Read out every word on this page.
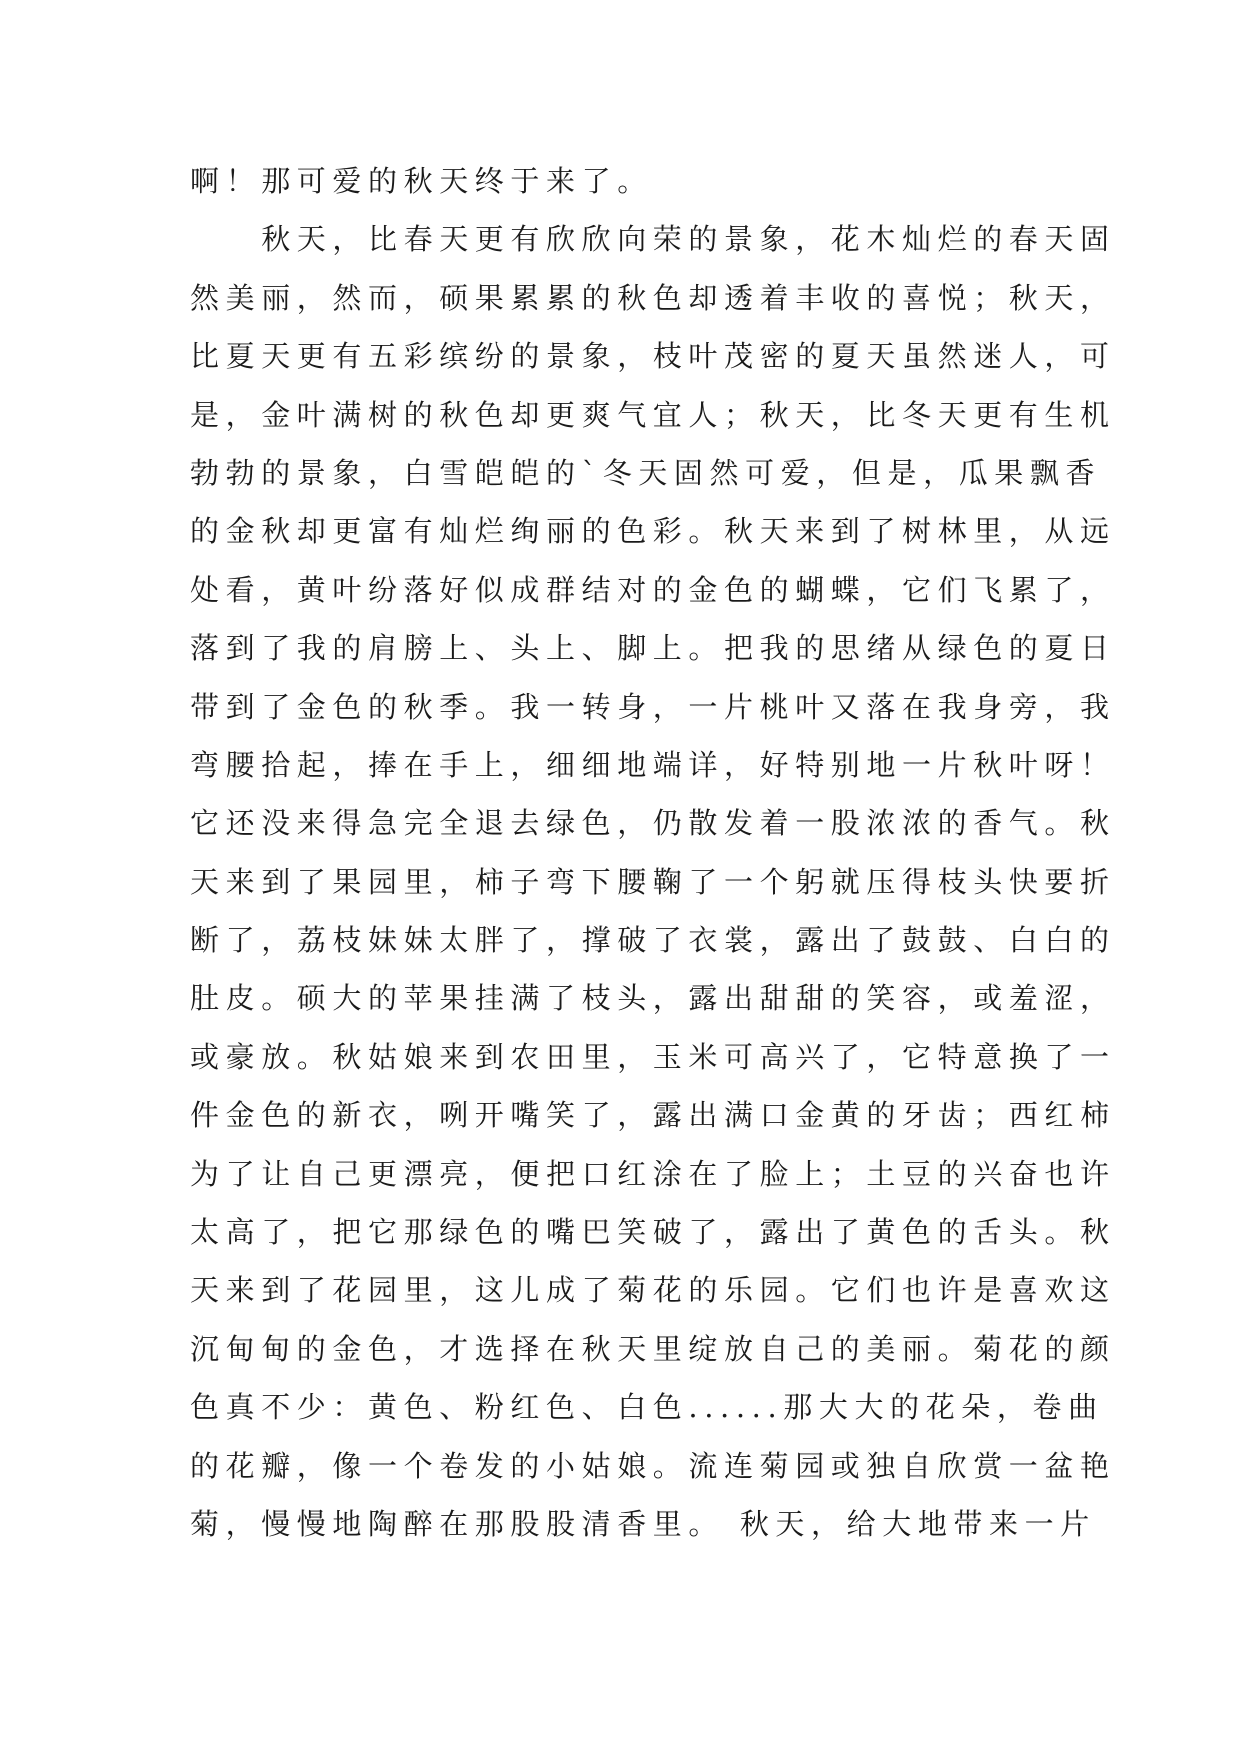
啊！那可爱的秋天终于来了。
　　秋天，比春天更有欣欣向荣的景象，花木灿烂的春天固
然美丽，然而，硕果累累的秋色却透着丰收的喜悦；秋天，
比夏天更有五彩缤纷的景象，枝叶茂密的夏天虽然迷人，可
是，金叶满树的秋色却更爽气宜人；秋天，比冬天更有生机
勃勃的景象，白雪皑皑的`冬天固然可爱，但是，瓜果飘香
的金秋却更富有灿烂绚丽的色彩。秋天来到了树林里，从远
处看，黄叶纷落好似成群结对的金色的蝴蝶，它们飞累了，
落到了我的肩膀上、头上、脚上。把我的思绪从绿色的夏日
带到了金色的秋季。我一转身，一片桃叶又落在我身旁，我
弯腰拾起，捧在手上，细细地端详，好特别地一片秋叶呀！
它还没来得急完全退去绿色，仍散发着一股浓浓的香气。秋
天来到了果园里，柿子弯下腰鞠了一个躬就压得枝头快要折
断了，荔枝妹妹太胖了，撑破了衣裳，露出了鼓鼓、白白的
肚皮。硕大的苹果挂满了枝头，露出甜甜的笑容，或羞涩，
或豪放。秋姑娘来到农田里，玉米可高兴了，它特意换了一
件金色的新衣，咧开嘴笑了，露出满口金黄的牙齿；西红柿
为了让自己更漂亮，便把口红涂在了脸上；土豆的兴奋也许
太高了，把它那绿色的嘴巴笑破了，露出了黄色的舌头。秋
天来到了花园里，这儿成了菊花的乐园。它们也许是喜欢这
沉甸甸的金色，才选择在秋天里绽放自己的美丽。菊花的颜
色真不少：黄色、粉红色、白色......那大大的花朵，卷曲
的花瓣，像一个卷发的小姑娘。流连菊园或独自欣赏一盆艳
菊，慢慢地陶醉在那股股清香里。 秋天，给大地带来一片
